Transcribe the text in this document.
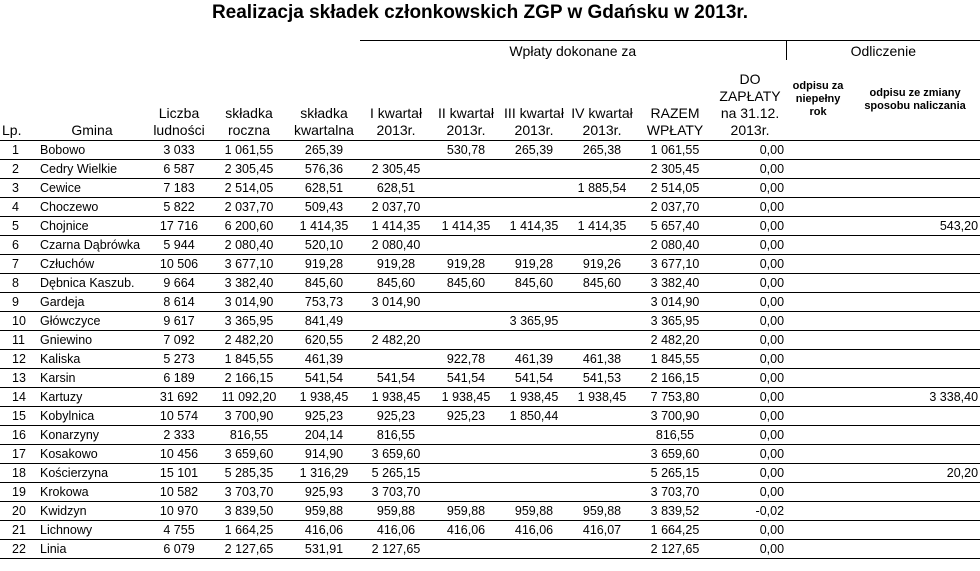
Realizacja składek członkowskich ZGP w Gdańsku w 2013r.
					Wpłaty dokonane za						Odliczenie	
Lp.	Gmina	Liczba ludności	składka roczna	składka kwartalna	I kwartał 2013r.	II kwartał 2013r.	III kwartał 2013r.	IV kwartał 2013r.	RAZEM WPŁATY	DO ZAPŁATY na 31.12. 2013r.	odpisu za niepełny rok	odpisu ze zmiany sposobu naliczania
1	Bobowo	3 033	1 061,55	265,39		530,78	265,39	265,38	1 061,55	0,00		
2	Cedry Wielkie	6 587	2 305,45	576,36	2 305,45				2 305,45	0,00		
3	Cewice	7 183	2 514,05	628,51	628,51			1 885,54	2 514,05	0,00		
4	Choczewo	5 822	2 037,70	509,43	2 037,70				2 037,70	0,00		
5	Chojnice	17 716	6 200,60	1 414,35	1 414,35	1 414,35	1 414,35	1 414,35	5 657,40	0,00		543,20
6	Czarna Dąbrówka	5 944	2 080,40	520,10	2 080,40				2 080,40	0,00		
7	Człuchów	10 506	3 677,10	919,28	919,28	919,28	919,28	919,26	3 677,10	0,00		
8	Dębnica Kaszub.	9 664	3 382,40	845,60	845,60	845,60	845,60	845,60	3 382,40	0,00		
9	Gardeja	8 614	3 014,90	753,73	3 014,90				3 014,90	0,00		
10	Główczyce	9 617	3 365,95	841,49			3 365,95		3 365,95	0,00		
11	Gniewino	7 092	2 482,20	620,55	2 482,20				2 482,20	0,00		
12	Kaliska	5 273	1 845,55	461,39		922,78	461,39	461,38	1 845,55	0,00		
13	Karsin	6 189	2 166,15	541,54	541,54	541,54	541,54	541,53	2 166,15	0,00		
14	Kartuzy	31 692	11 092,20	1 938,45	1 938,45	1 938,45	1 938,45	1 938,45	7 753,80	0,00		3 338,40
15	Kobylnica	10 574	3 700,90	925,23	925,23	925,23	1 850,44		3 700,90	0,00		
16	Konarzyny	2 333	816,55	204,14	816,55				816,55	0,00		
17	Kosakowo	10 456	3 659,60	914,90	3 659,60				3 659,60	0,00		
18	Kościerzyna	15 101	5 285,35	1 316,29	5 265,15				5 265,15	0,00		20,20
19	Krokowa	10 582	3 703,70	925,93	3 703,70				3 703,70	0,00		
20	Kwidzyn	10 970	3 839,50	959,88	959,88	959,88	959,88	959,88	3 839,52	-0,02		
21	Lichnowy	4 755	1 664,25	416,06	416,06	416,06	416,06	416,07	1 664,25	0,00		
22	Linia	6 079	2 127,65	531,91	2 127,65				2 127,65	0,00		
